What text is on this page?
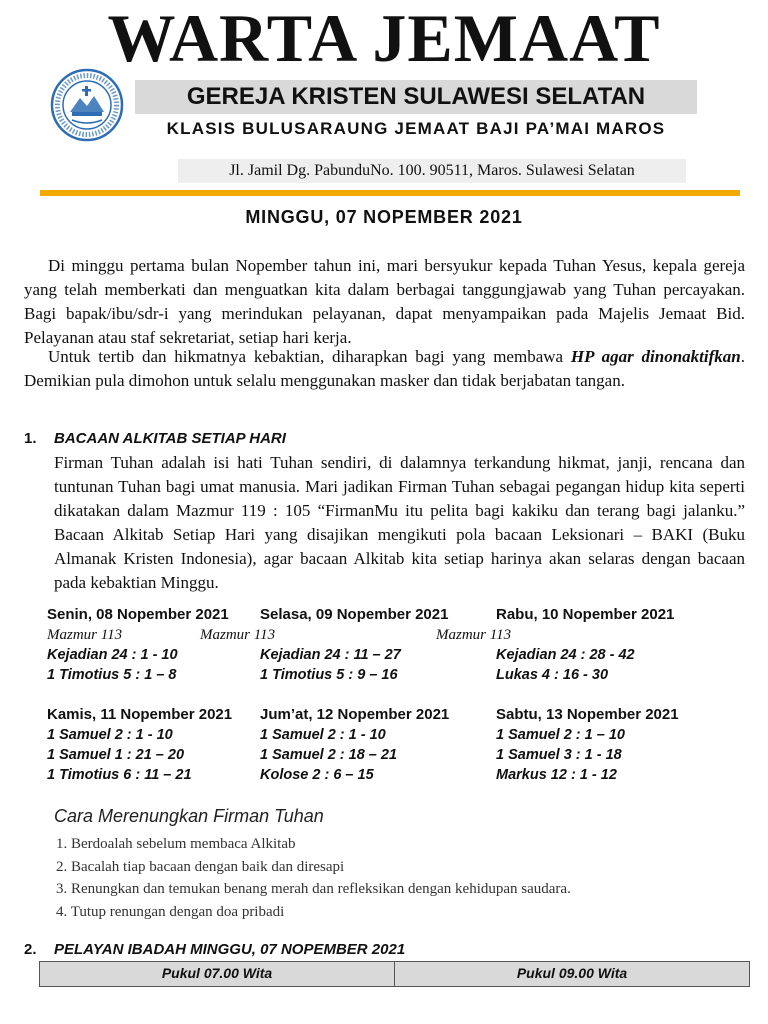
WARTA JEMAAT
GEREJA KRISTEN SULAWESI SELATAN
KLASIS BULUSARAUNG JEMAAT BAJI PA’MAI MAROS
Jl. Jamil Dg. PabunduNo. 100. 90511, Maros. Sulawesi Selatan
MINGGU, 07 NOPEMBER 2021
Di minggu pertama bulan Nopember tahun ini, mari bersyukur kepada Tuhan Yesus, kepala gereja yang telah memberkati dan menguatkan kita dalam berbagai tanggungjawab yang Tuhan percayakan. Bagi bapak/ibu/sdr-i yang merindukan pelayanan, dapat menyampaikan pada Majelis Jemaat Bid. Pelayanan atau staf sekretariat, setiap hari kerja.
Untuk tertib dan hikmatnya kebaktian, diharapkan bagi yang membawa HP agar dinonaktifkan. Demikian pula dimohon untuk selalu menggunakan masker dan tidak berjabatan tangan.
1. BACAAN ALKITAB SETIAP HARI
Firman Tuhan adalah isi hati Tuhan sendiri, di dalamnya terkandung hikmat, janji, rencana dan tuntunan Tuhan bagi umat manusia. Mari jadikan Firman Tuhan sebagai pegangan hidup kita seperti dikatakan dalam Mazmur 119 : 105 “FirmanMu itu pelita bagi kakiku dan terang bagi jalanku.” Bacaan Alkitab Setiap Hari yang disajikan mengikuti pola bacaan Leksionari – BAKI (Buku Almanak Kristen Indonesia), agar bacaan Alkitab kita setiap harinya akan selaras dengan bacaan pada kebaktian Minggu.
Senin, 08 Nopember 2021
Mazmur 113
Kejadian 24 : 1 - 10
1 Timotius 5 : 1 – 8
Selasa, 09 Nopember 2021
Mazmur 113
Kejadian 24 : 11 – 27
1 Timotius 5 : 9 – 16
Rabu, 10 Nopember 2021
Mazmur 113
Kejadian 24 : 28 - 42
Lukas 4 : 16 - 30
Kamis, 11 Nopember 2021
1 Samuel 2 : 1 - 10
1 Samuel 1 : 21 – 20
1 Timotius 6 : 11 – 21
Jum’at, 12 Nopember 2021
1 Samuel 2 : 1 - 10
1 Samuel 2 : 18 – 21
Kolose 2 : 6 – 15
Sabtu, 13 Nopember 2021
1 Samuel 2 : 1 – 10
1 Samuel 3 : 1 - 18
Markus 12 : 1 - 12
Cara Merenungkan Firman Tuhan
1. Berdoalah sebelum membaca Alkitab
2. Bacalah tiap bacaan dengan baik dan diresapi
3. Renungkan dan temukan benang merah dan refleksikan dengan kehidupan saudara.
4. Tutup renungan dengan doa pribadi
2. PELAYAN IBADAH MINGGU, 07 NOPEMBER 2021
Pukul 07.00 Wita	Pukul 09.00 Wita
